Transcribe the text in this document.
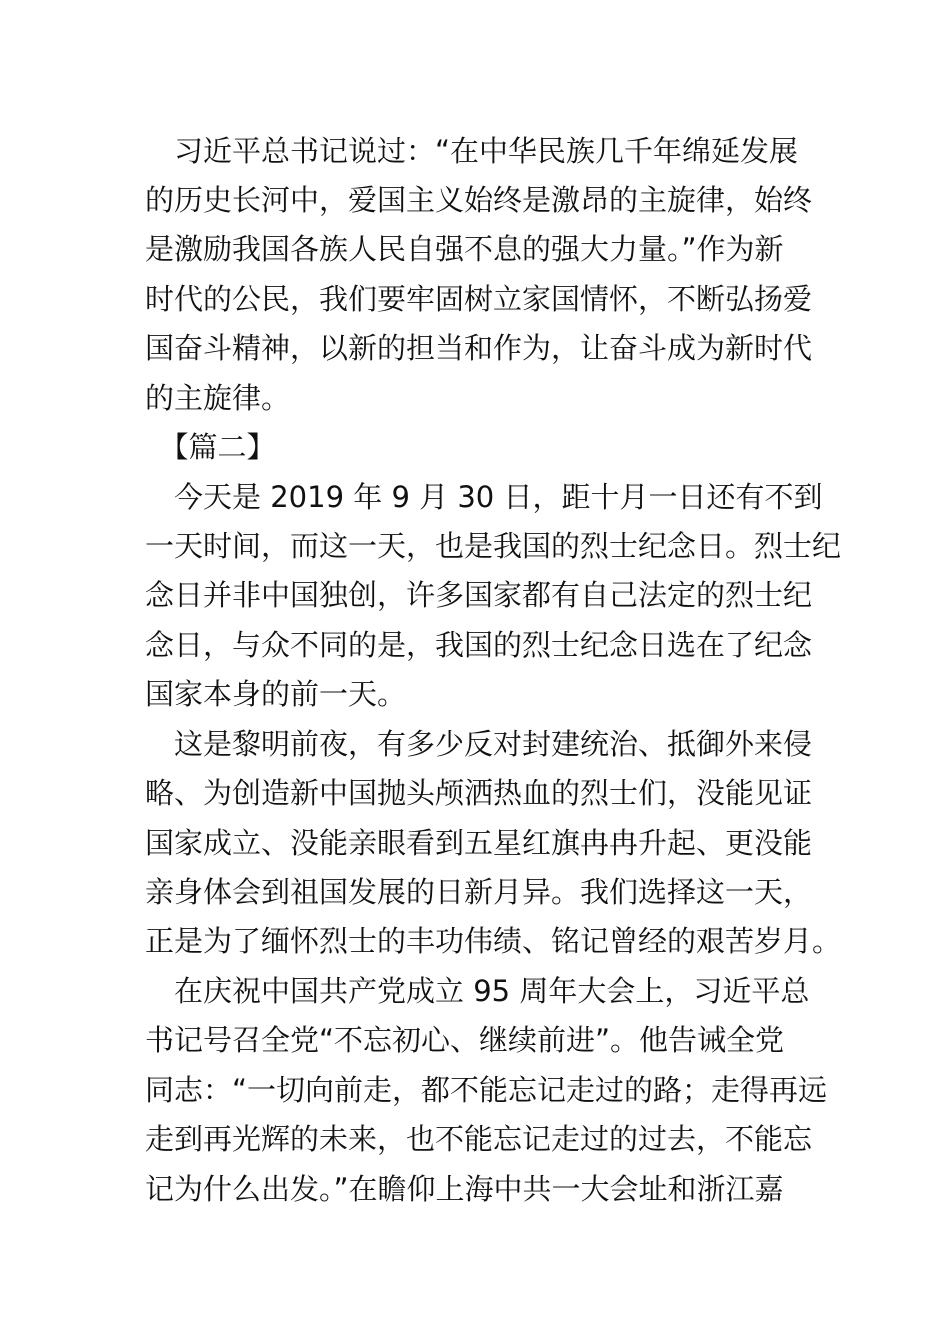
　习近平总书记说过：“在中华民族几千年绵延发展
的历史长河中，爱国主义始终是激昂的主旋律，始终
是激励我国各族人民自强不息的强大力量。”作为新
时代的公民，我们要牢固树立家国情怀，不断弘扬爱
国奋斗精神，以新的担当和作为，让奋斗成为新时代
的主旋律。
　【篇二】
　今天是 2019 年 9 月 30 日，距十月一日还有不到
一天时间，而这一天，也是我国的烈士纪念日。烈士纪
念日并非中国独创，许多国家都有自己法定的烈士纪
念日，与众不同的是，我国的烈士纪念日选在了纪念
国家本身的前一天。
　这是黎明前夜，有多少反对封建统治、抵御外来侵
略、为创造新中国抛头颅洒热血的烈士们，没能见证
国家成立、没能亲眼看到五星红旗冉冉升起、更没能
亲身体会到祖国发展的日新月异。我们选择这一天，
正是为了缅怀烈士的丰功伟绩、铭记曾经的艰苦岁月。
　在庆祝中国共产党成立 95 周年大会上，习近平总
书记号召全党“不忘初心、继续前进”。他告诫全党
同志：“一切向前走，都不能忘记走过的路；走得再远
走到再光辉的未来，也不能忘记走过的过去，不能忘
记为什么出发。”在瞻仰上海中共一大会址和浙江嘉
